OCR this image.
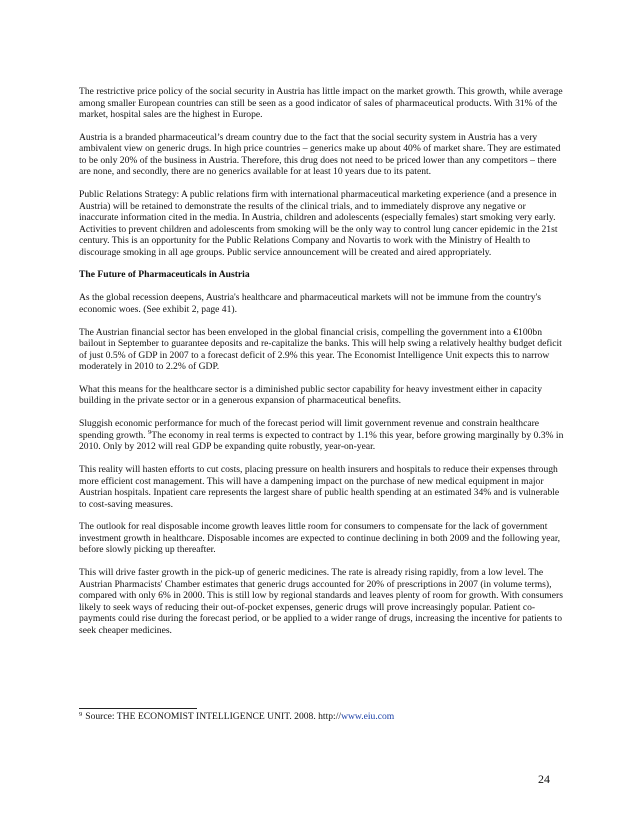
The restrictive price policy of the social security in Austria has little impact on the market growth. This growth, while average among smaller European countries can still be seen as a good indicator of sales of pharmaceutical products. With 31% of the market, hospital sales are the highest in Europe.

Austria is a branded pharmaceutical’s dream country due to the fact that the social security system in Austria has a very ambivalent view on generic drugs. In high price countries – generics make up about 40% of market share. They are estimated to be only 20% of the business in Austria. Therefore, this drug does not need to be priced lower than any competitors – there are none, and secondly, there are no generics available for at least 10 years due to its patent.

Public Relations Strategy: A public relations firm with international pharmaceutical marketing experience (and a presence in Austria) will be retained to demonstrate the results of the clinical trials, and to immediately disprove any negative or inaccurate information cited in the media. In Austria, children and adolescents (especially females) start smoking very early. Activities to prevent children and adolescents from smoking will be the only way to control lung cancer epidemic in the 21st century. This is an opportunity for the Public Relations Company and Novartis to work with the Ministry of Health to discourage smoking in all age groups. Public service announcement will be created and aired appropriately.

The Future of Pharmaceuticals in Austria

As the global recession deepens, Austria's healthcare and pharmaceutical markets will not be immune from the country's economic woes. (See exhibit 2, page 41).

The Austrian financial sector has been enveloped in the global financial crisis, compelling the government into a €100bn bailout in September to guarantee deposits and re-capitalize the banks. This will help swing a relatively healthy budget deficit of just 0.5% of GDP in 2007 to a forecast deficit of 2.9% this year. The Economist Intelligence Unit expects this to narrow moderately in 2010 to 2.2% of GDP.

What this means for the healthcare sector is a diminished public sector capability for heavy investment either in capacity building in the private sector or in a generous expansion of pharmaceutical benefits.

Sluggish economic performance for much of the forecast period will limit government revenue and constrain healthcare spending growth. $^9$The economy in real terms is expected to contract by 1.1% this year, before growing marginally by 0.3% in 2010. Only by 2012 will real GDP be expanding quite robustly, year-on-year.

This reality will hasten efforts to cut costs, placing pressure on health insurers and hospitals to reduce their expenses through more efficient cost management. This will have a dampening impact on the purchase of new medical equipment in major Austrian hospitals. Inpatient care represents the largest share of public health spending at an estimated 34% and is vulnerable to cost-saving measures.

The outlook for real disposable income growth leaves little room for consumers to compensate for the lack of government investment growth in healthcare. Disposable incomes are expected to continue declining in both 2009 and the following year, before slowly picking up thereafter.

This will drive faster growth in the pick-up of generic medicines. The rate is already rising rapidly, from a low level. The Austrian Pharmacists' Chamber estimates that generic drugs accounted for 20% of prescriptions in 2007 (in volume terms), compared with only 6% in 2000. This is still low by regional standards and leaves plenty of room for growth. With consumers likely to seek ways of reducing their out-of-pocket expenses, generic drugs will prove increasingly popular. Patient co-payments could rise during the forecast period, or be applied to a wider range of drugs, increasing the incentive for patients to seek cheaper medicines.

$^9$ Source: THE ECONOMIST INTELLIGENCE UNIT. 2008. http://www.eiu.com
24
